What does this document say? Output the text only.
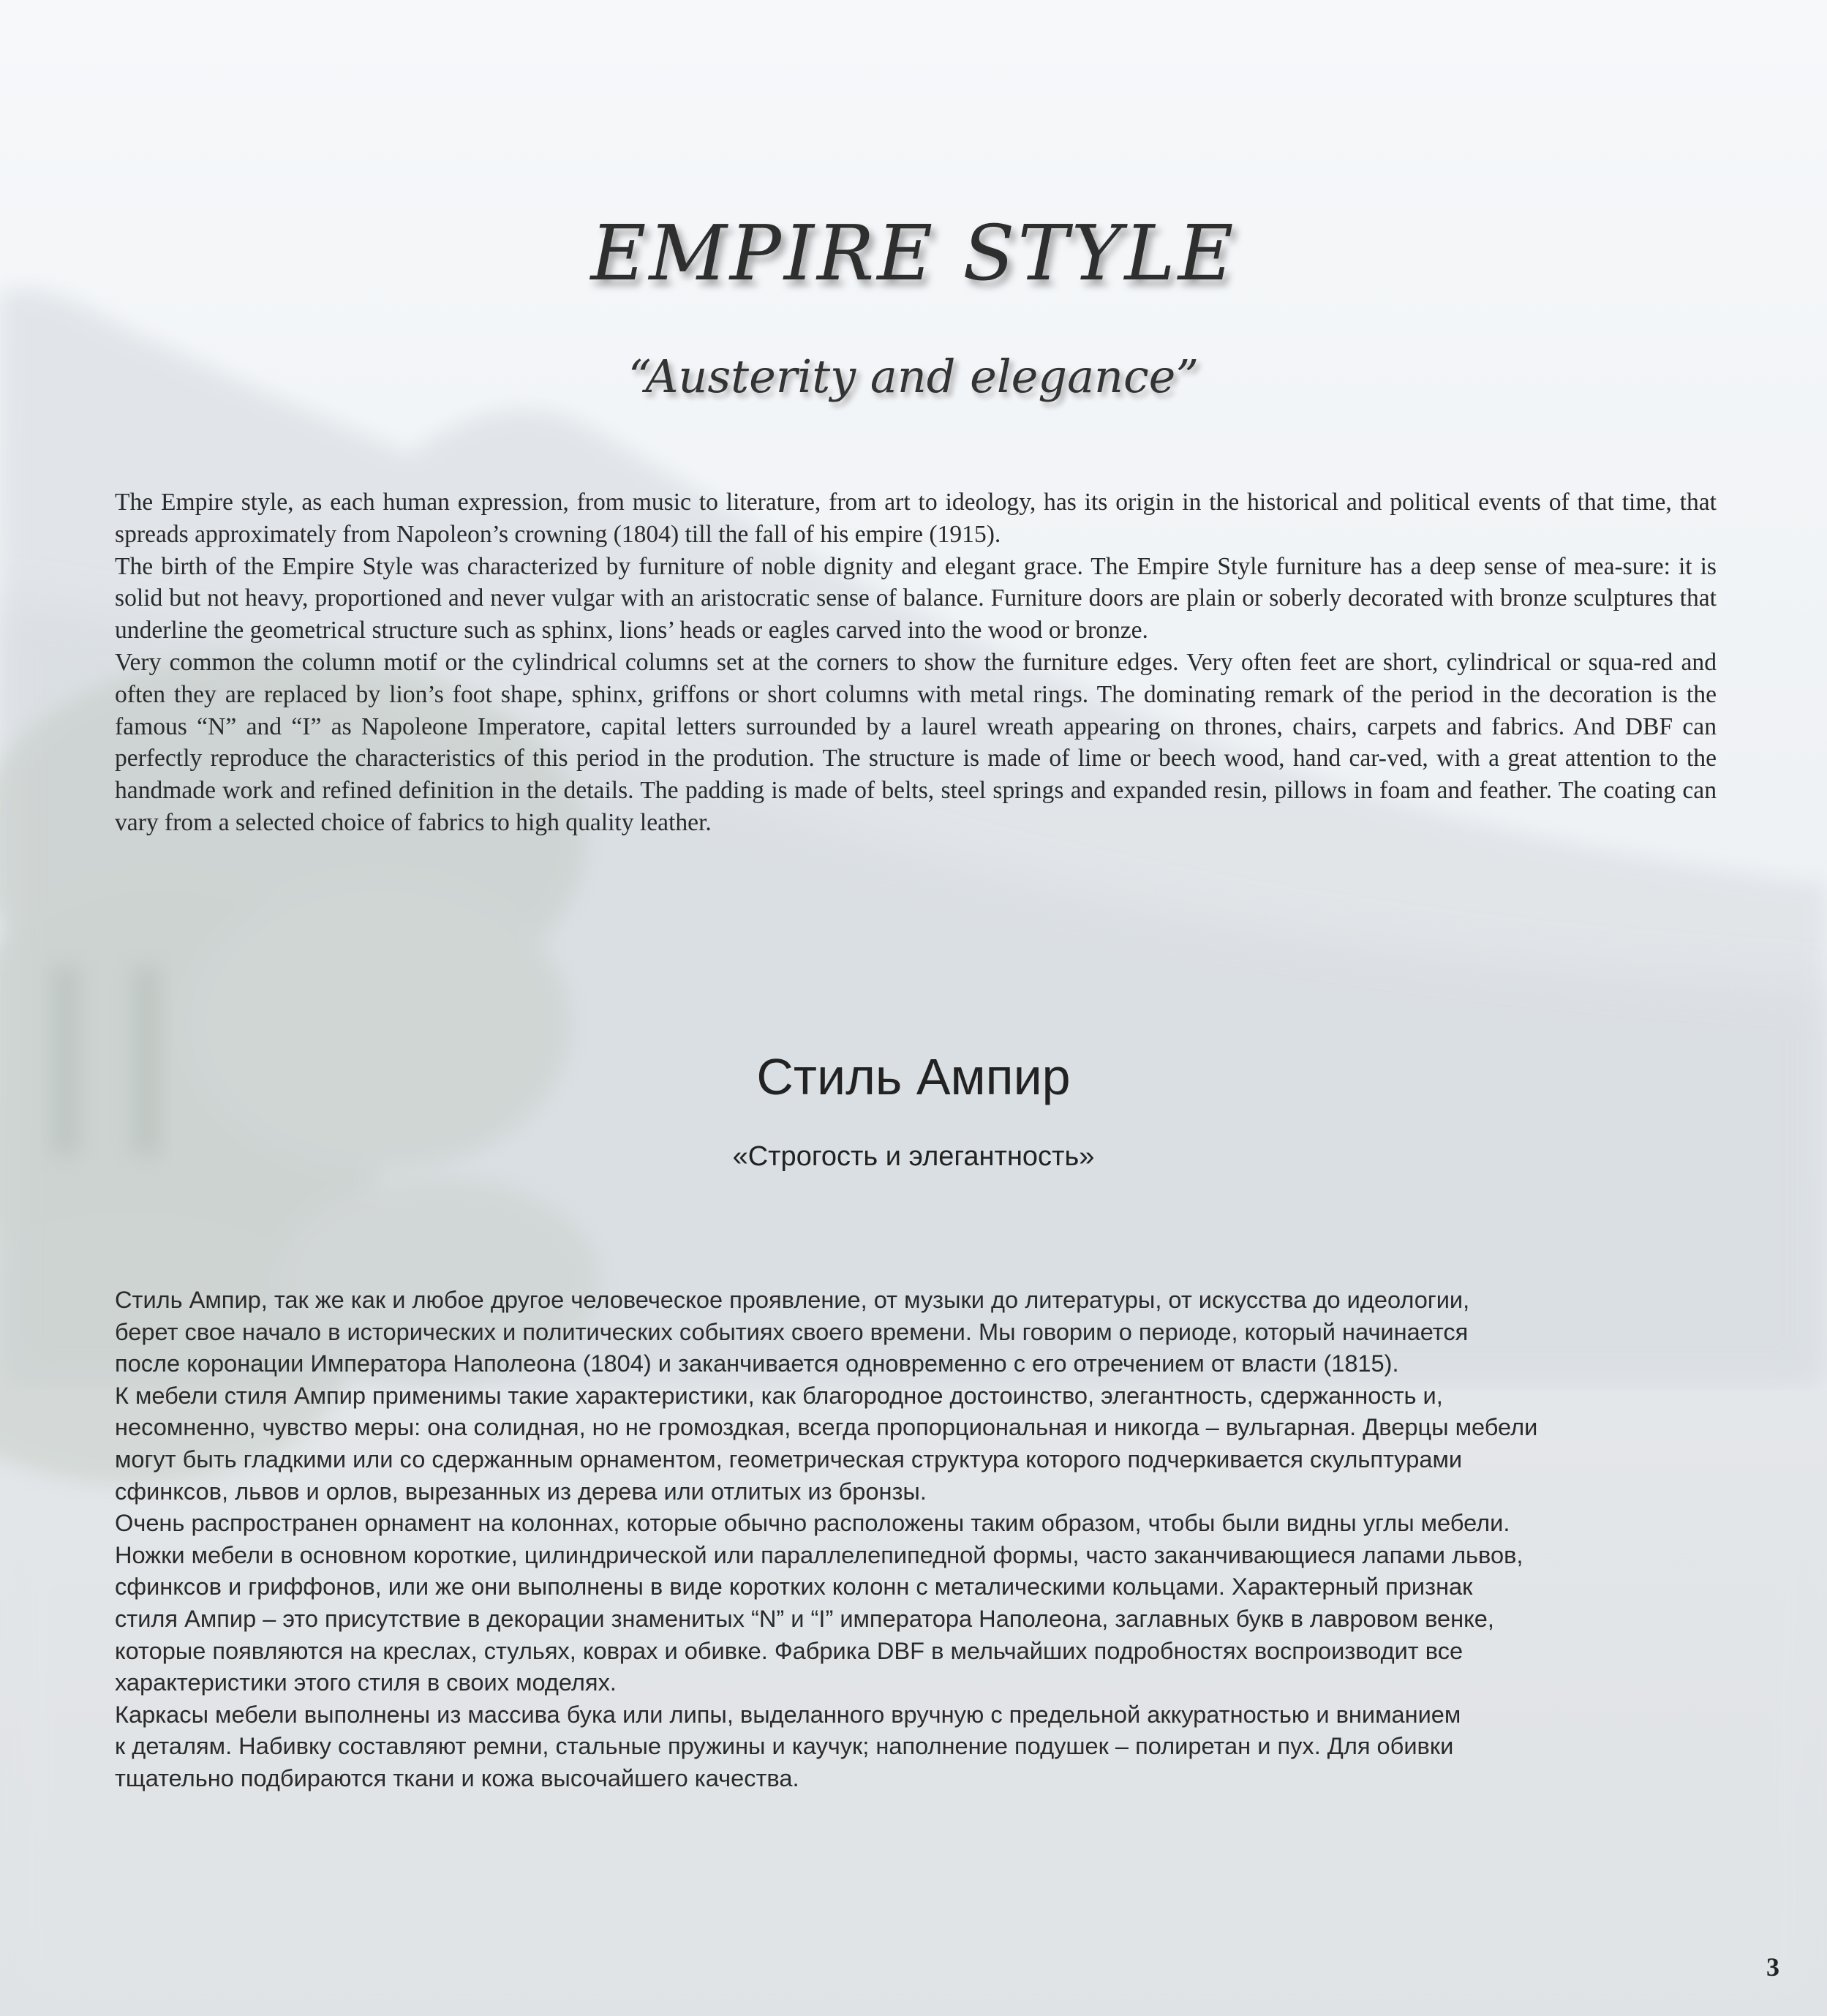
EMPIRE STYLE
“Austerity and elegance”

The Empire style, as each human expression, from music to literature, from art to ideology, has its origin in the historical and political events of that time, that spreads approximately from Napoleon’s crowning (1804) till the fall of his empire (1915).

The birth of the Empire Style was characterized by furniture of noble dignity and elegant grace. The Empire Style furniture has a deep sense of mea-sure: it is solid but not heavy, proportioned and never vulgar with an aristocratic sense of balance. Furniture doors are plain or soberly decorated with bronze sculptures that underline the geometrical structure such as sphinx, lions’ heads or eagles carved into the wood or bronze.

Very common the column motif or the cylindrical columns set at the corners to show the furniture edges. Very often feet are short, cylindrical or squa-red and often they are replaced by lion’s foot shape, sphinx, griffons or short columns with metal rings. The dominating remark of the period in the decoration is the famous “N” and “I” as Napoleone Imperatore, capital letters surrounded by a laurel wreath appearing on thrones, chairs, carpets and fabrics. And DBF can perfectly reproduce the characteristics of this period in the prodution. The structure is made of lime or beech wood, hand car-ved, with a great attention to the handmade work and refined definition in the details. The padding is made of belts, steel springs and expanded resin, pillows in foam and feather. The coating can vary from a selected choice of fabrics to high quality leather.

Стиль Ампир
«Строгость и элегантность»

Стиль Ампир, так же как и любое другое человеческое проявление, от музыки до литературы, от искусства до идеологии,

берет свое начало в исторических и политических событиях своего времени. Мы говорим о периоде, который начинается

после коронации Императора Наполеона (1804) и заканчивается одновременно с его отречением от власти (1815).

К мебели стиля Ампир применимы такие характеристики, как благородное достоинство, элегантность, сдержанность и,

несомненно, чувство меры: она солидная, но не громоздкая, всегда пропорциональная и никогда – вульгарная. Дверцы мебели

могут быть гладкими или со сдержанным орнаментом, геометрическая структура которого подчеркивается скульптурами

сфинксов, львов и орлов, вырезанных из дерева или отлитых из бронзы.

Очень распространен орнамент на колоннах, которые обычно расположены таким образом, чтобы были видны углы мебели.

Ножки мебели в основном короткие, цилиндрической или параллелепипедной формы, часто заканчивающиеся лапами львов,

сфинксов и гриффонов, или же они выполнены в виде коротких колонн с металическими кольцами. Характерный признак

стиля Ампир – это присутствие в декорации знаменитых “N” и “I” императора Наполеона, заглавных букв в лавровом венке,

которые появляются на креслах, стульях, коврах и обивке. Фабрика DBF в мельчайших подробностях воспроизводит все

характеристики этого стиля в своих моделях.

Каркасы мебели выполнены из массива бука или липы, выделанного вручную с предельной аккуратностью и вниманием

к деталям. Набивку составляют ремни, стальные пружины и каучук; наполнение подушек – полиретан и пух. Для обивки

тщательно подбираются ткани и кожа высочайшего качества.

3
